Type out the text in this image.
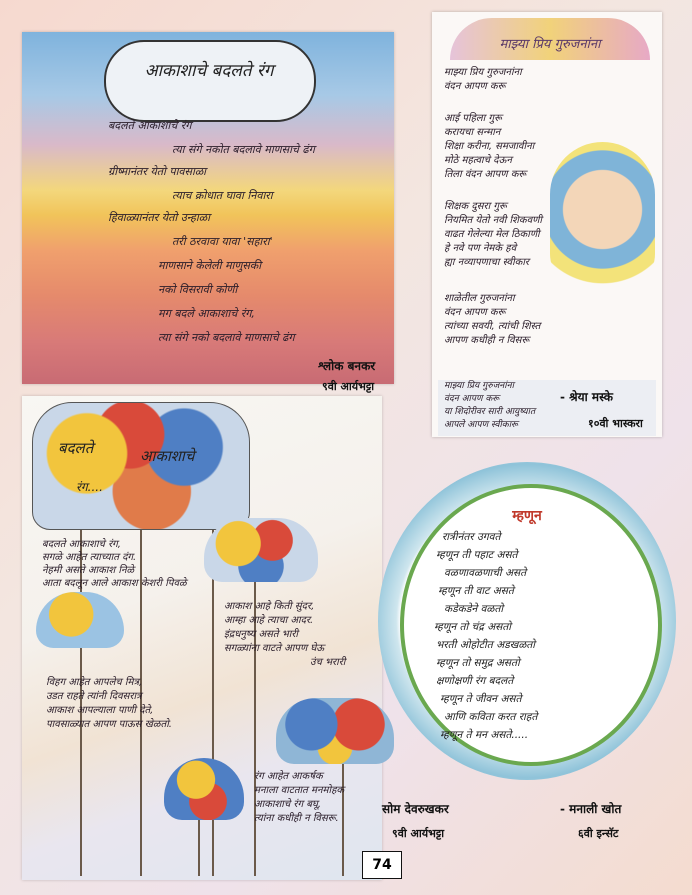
आकाशाचे बदलते रंग
बदलते आकाशाचे रंग
त्या संगे नकोत बदलावे माणसाचे ढंग
ग्रीष्मानंतर येतो पावसाळा
त्याच क्रोधात घावा निवारा
हिवाळ्यानंतर येतो उन्हाळा
तरी ठरवावा यावा 'सहारा'
माणसाने केलेली माणुसकी
नको विसरावी कोणी
मग बदले आकाशाचे रंग,
त्या संगे नको बदलावे माणसाचे ढंग
श्लोक बनकर
९वी आर्यभट्टा
माझ्या प्रिय गुरुजनांना
माझ्या प्रिय गुरुजनांना
वंदन आपण करू
आई पहिला गुरू
करायचा सन्मान
शिक्षा करीना, समजावीना
मोठे महत्वाचे देऊन
तिला वंदन आपण करू
शिक्षक दुसरा गुरू
नियमित येतो नवी शिकवणी
वाढत गेलेल्या मेल ठिकाणी
हे नवे पण नेमके हवे
ह्या नव्यापणाचा स्वीकार
शाळेतील गुरुजनांना
वंदन आपण करू
त्यांच्या सवयी, त्यांची शिस्त
आपण कधीही न विसरू
माझ्या प्रिय गुरुजनांना
वंदन आपण करू
या शिदोरीवर सारी आयुष्यात
आपले आपण स्वीकारू
- श्रेया मस्के
१०वी भास्करा
बदलते	आकाशाचे
रंग....
बदलते आकाशाचे रंग,
सगळे आहेत त्याच्यात दंग.
नेहमी असते आकाश निळे
आता बदलून आले आकाश केशरी पिवळे
आकाश आहे किती सुंदर,
आम्हा आहे त्याचा आदर.
इंद्रधनुष्य असते भारी
सगळ्यांना वाटते आपण घेऊ
उंच भरारी
विहग आहेत आपलेच मित्र,
उडत राहते त्यांनी दिवसरात्र
आकाश आपल्याला पाणी देते,
पावसाळ्यात आपण पाऊस खेळतो.
रंग आहेत आकर्षक
मनाला वाटतात मनमोहक
आकाशाचे रंग बघू,
त्यांना कधीही न विसरू.
सोम देवरुखकर
९वी आर्यभट्टा
म्हणून
रात्रीनंतर उगवते
म्हणून ती पहाट असते
वळणावळणाची असते
म्हणून ती वाट असते
कडेकडेने वळतो
म्हणून तो चंद्र असतो
भरती ओहोटीत अडखळतो
म्हणून तो समुद्र असतो
क्षणोक्षणी रंग बदलते
म्हणून ते जीवन असते
आणि कविता करत राहते
म्हणून ते मन असते.....
- मनाली खोत
६वी इन्सॅट
74
